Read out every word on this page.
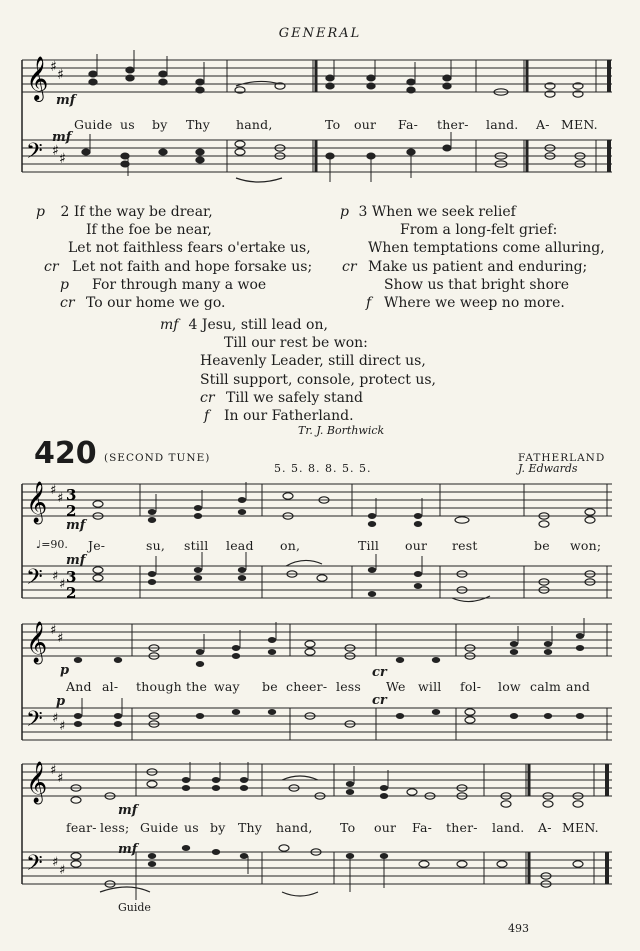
GENERAL
𝄞
𝄢
♯ ♯
♯ ♯
mf
mf
Guide us by Thy hand,	To our Fa- ther- land. A- MEN.
p 2 If the way be drear,
If the foe be near,
Let not faithless fears o'ertake us,
cr Let not faith and hope forsake us;
p For through many a woe
cr To our home we go.
p 3 When we seek relief
From a long-felt grief:
When temptations come alluring,
cr Make us patient and enduring;
Show us that bright shore
f Where we weep no more.
mf 4 Jesu, still lead on,
Till our rest be won:
Heavenly Leader, still direct us,
Still support, console, protect us,
cr Till we safely stand
f In our Fatherland.
Tr. J. Borthwick
420 (SECOND TUNE)
5. 5. 8. 8. 5. 5.
FATHERLAND
J. Edwards
𝄞
𝄢
♯
♯
♯
♯
3
2
3
2
mf
mf
♩=90. Je-	su, still lead on,	Till our rest	be won;
𝄞
𝄢
♯
♯
♯
♯
p
p
cr
cr
And al- though the way be cheer- less We will fol- low calm and
𝄞
𝄢
♯
♯
♯
♯
mf
mf
fear- less; Guide us by Thy hand, To our Fa- ther- land. A- MEN.
Guide
493
